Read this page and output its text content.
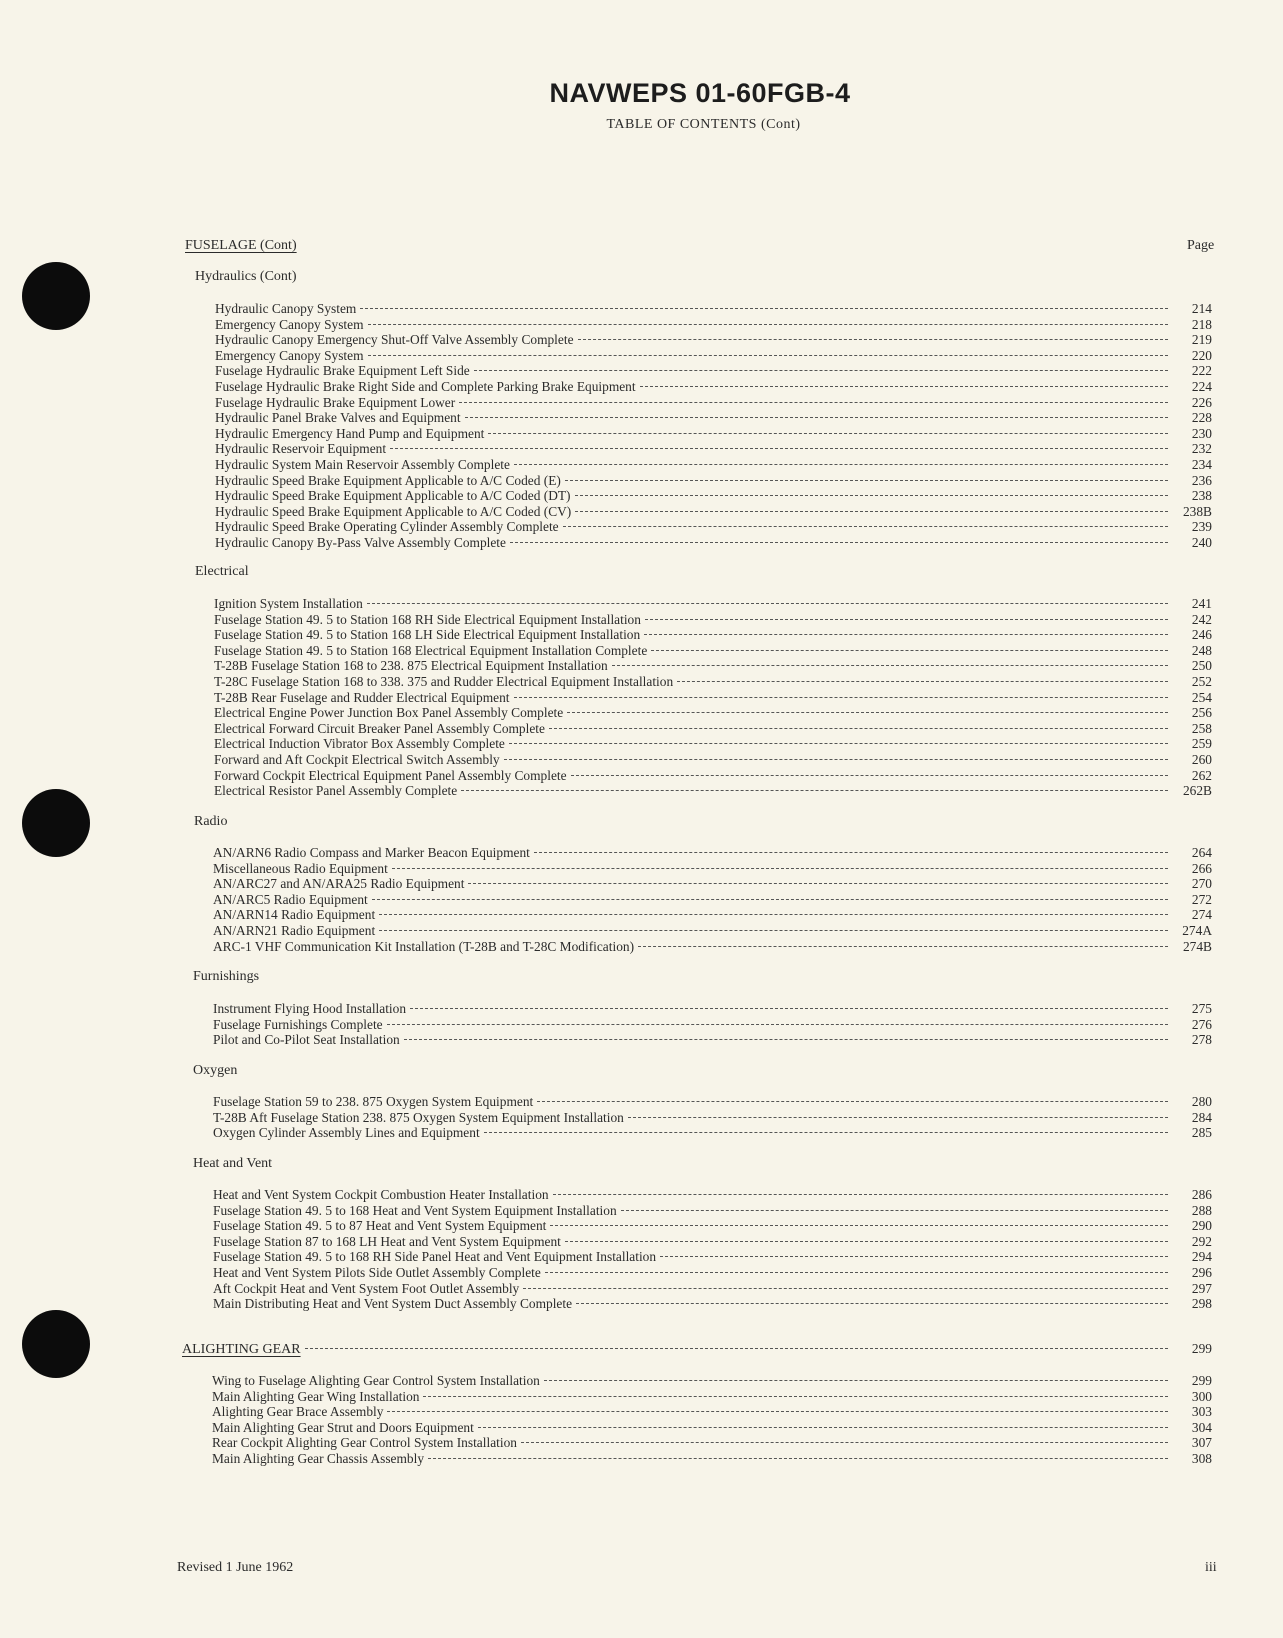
NAVWEPS 01-60FGB-4
TABLE OF CONTENTS (Cont)
FUSELAGE (Cont)	Page
Hydraulics (Cont)
Hydraulic Canopy System	214
Emergency Canopy System	218
Hydraulic Canopy Emergency Shut-Off Valve Assembly Complete	219
Emergency Canopy System	220
Fuselage Hydraulic Brake Equipment Left Side	222
Fuselage Hydraulic Brake Right Side and Complete Parking Brake Equipment	224
Fuselage Hydraulic Brake Equipment Lower	226
Hydraulic Panel Brake Valves and Equipment	228
Hydraulic Emergency Hand Pump and Equipment	230
Hydraulic Reservoir Equipment	232
Hydraulic System Main Reservoir Assembly Complete	234
Hydraulic Speed Brake Equipment Applicable to A/C Coded (E)	236
Hydraulic Speed Brake Equipment Applicable to A/C Coded (DT)	238
Hydraulic Speed Brake Equipment Applicable to A/C Coded (CV)	238B
Hydraulic Speed Brake Operating Cylinder Assembly Complete	239
Hydraulic Canopy By-Pass Valve Assembly Complete	240
Electrical
Ignition System Installation	241
Fuselage Station 49. 5 to Station 168 RH Side Electrical Equipment Installation	242
Fuselage Station 49. 5 to Station 168 LH Side Electrical Equipment Installation	246
Fuselage Station 49. 5 to Station 168 Electrical Equipment Installation Complete	248
T-28B Fuselage Station 168 to 238. 875 Electrical Equipment Installation	250
T-28C Fuselage Station 168 to 338. 375 and Rudder Electrical Equipment Installation	252
T-28B Rear Fuselage and Rudder Electrical Equipment	254
Electrical Engine Power Junction Box Panel Assembly Complete	256
Electrical Forward Circuit Breaker Panel Assembly Complete	258
Electrical Induction Vibrator Box Assembly Complete	259
Forward and Aft Cockpit Electrical Switch Assembly	260
Forward Cockpit Electrical Equipment Panel Assembly Complete	262
Electrical Resistor Panel Assembly Complete	262B
Radio
AN/ARN6 Radio Compass and Marker Beacon Equipment	264
Miscellaneous Radio Equipment	266
AN/ARC27 and AN/ARA25 Radio Equipment	270
AN/ARC5 Radio Equipment	272
AN/ARN14 Radio Equipment	274
AN/ARN21 Radio Equipment	274A
ARC-1 VHF Communication Kit Installation (T-28B and T-28C Modification)	274B
Furnishings
Instrument Flying Hood Installation	275
Fuselage Furnishings Complete	276
Pilot and Co-Pilot Seat Installation	278
Oxygen
Fuselage Station 59 to 238. 875 Oxygen System Equipment	280
T-28B Aft Fuselage Station 238. 875 Oxygen System Equipment Installation	284
Oxygen Cylinder Assembly Lines and Equipment	285
Heat and Vent
Heat and Vent System Cockpit Combustion Heater Installation	286
Fuselage Station 49. 5 to 168 Heat and Vent System Equipment Installation	288
Fuselage Station 49. 5 to 87 Heat and Vent System Equipment	290
Fuselage Station 87 to 168 LH Heat and Vent System Equipment	292
Fuselage Station 49. 5 to 168 RH Side Panel Heat and Vent Equipment Installation	294
Heat and Vent System Pilots Side Outlet Assembly Complete	296
Aft Cockpit Heat and Vent System Foot Outlet Assembly	297
Main Distributing Heat and Vent System Duct Assembly Complete	298
ALIGHTING GEAR	299
Wing to Fuselage Alighting Gear Control System Installation	299
Main Alighting Gear Wing Installation	300
Alighting Gear Brace Assembly	303
Main Alighting Gear Strut and Doors Equipment	304
Rear Cockpit Alighting Gear Control System Installation	307
Main Alighting Gear Chassis Assembly	308
Revised 1 June 1962	iii
